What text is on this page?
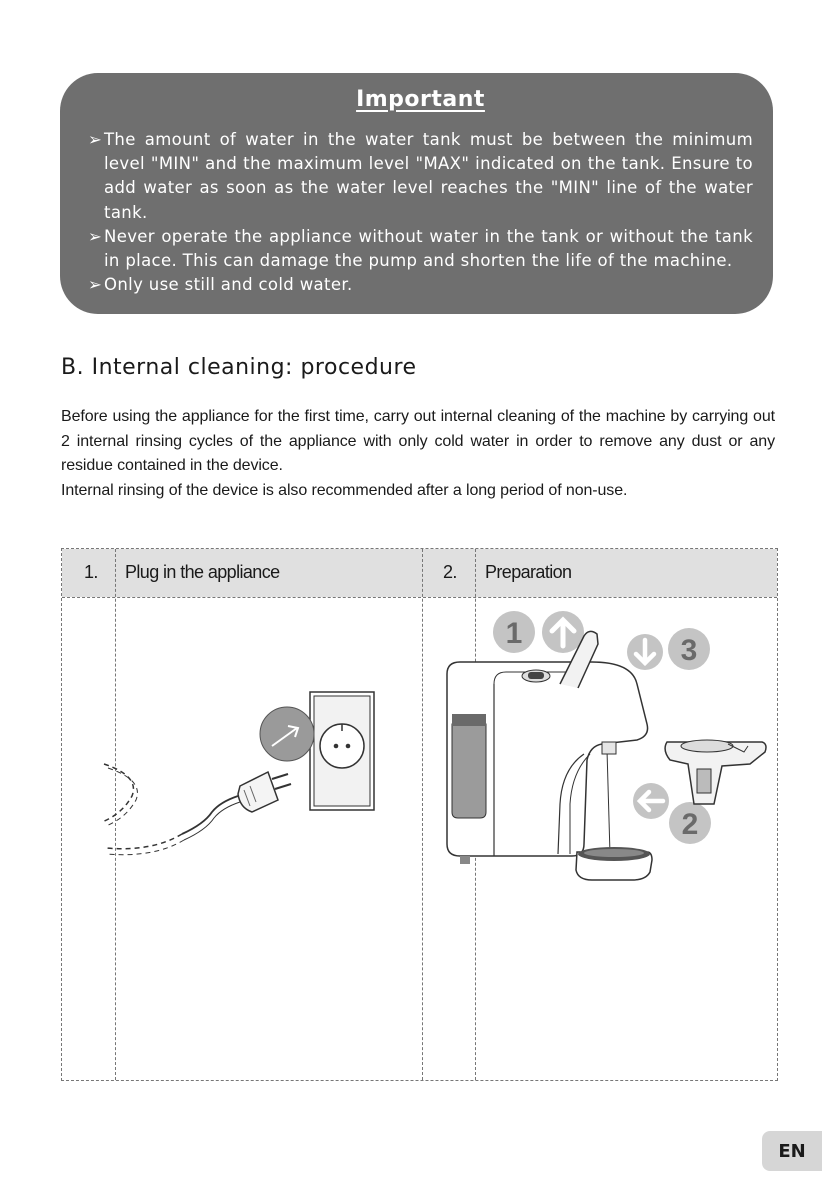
Important
➢ The amount of water in the water tank must be between the minimum level "MIN" and the maximum level "MAX" indicated on the tank. Ensure to add water as soon as the water level reaches the "MIN" line of the water tank.
➢ Never operate the appliance without water in the tank or without the tank in place. This can damage the pump and shorten the life of the machine.
➢ Only use still and cold water.
B. Internal cleaning: procedure

Before using the appliance for the first time, carry out internal cleaning of the machine by carrying out 2 internal rinsing cycles of the appliance with only cold water in order to remove any dust or any residue contained in the device.

Internal rinsing of the device is also recommended after a long period of non-use.

1. Plug in the appliance	2. Preparation
1
3
2
EN
